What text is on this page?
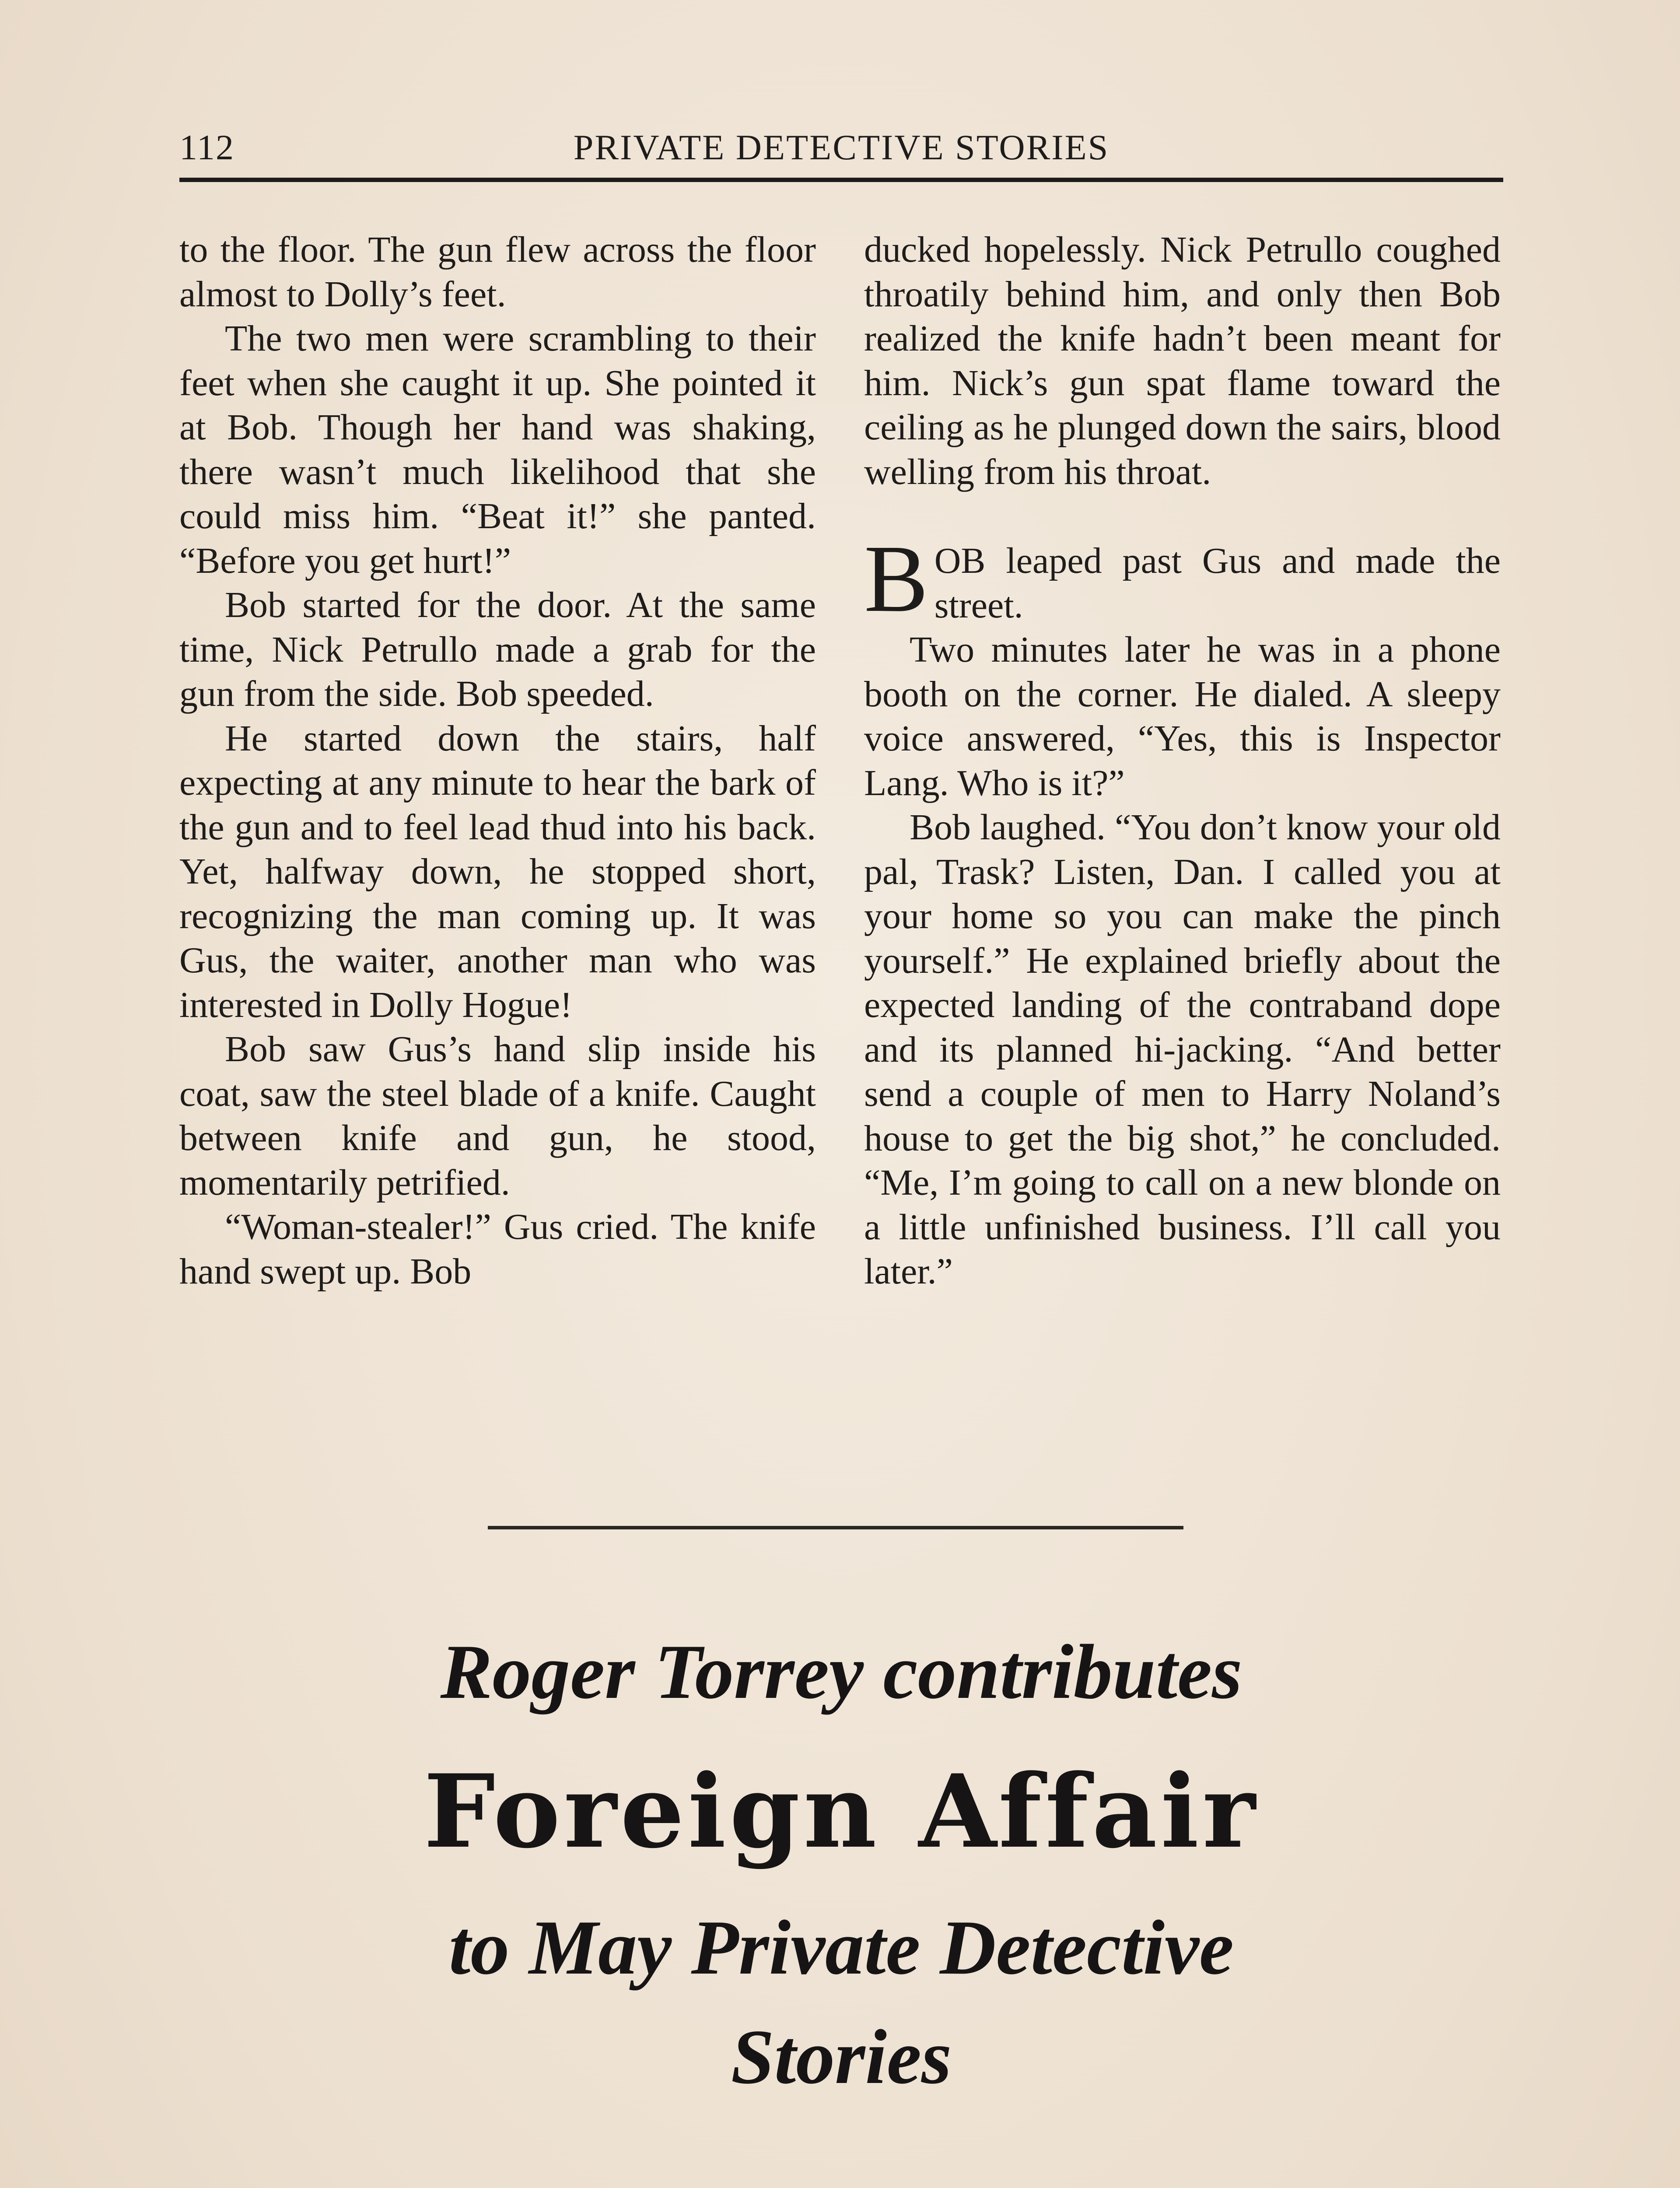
112	PRIVATE DETECTIVE STORIES

to the floor. The gun flew across the floor almost to Dolly’s feet.

The two men were scrambling to their feet when she caught it up. She pointed it at Bob. Though her hand was shaking, there wasn’t much likelihood that she could miss him. “Beat it!” she panted. “Before you get hurt!”

Bob started for the door. At the same time, Nick Petrullo made a grab for the gun from the side. Bob speeded.

He started down the stairs, half expecting at any minute to hear the bark of the gun and to feel lead thud into his back. Yet, halfway down, he stopped short, recognizing the man coming up. It was Gus, the waiter, another man who was interested in Dolly Hogue!

Bob saw Gus’s hand slip inside his coat, saw the steel blade of a knife. Caught between knife and gun, he stood, momentarily petrified.

“Woman-stealer!” Gus cried. The knife hand swept up. Bob

ducked hopelessly. Nick Petrullo coughed throatily behind him, and only then Bob realized the knife hadn’t been meant for him. Nick’s gun spat flame toward the ceiling as he plunged down the sairs, blood welling from his throat.

BOB leaped past Gus and made the street.

Two minutes later he was in a phone booth on the corner. He dialed. A sleepy voice answered, “Yes, this is Inspector Lang. Who is it?”

Bob laughed. “You don’t know your old pal, Trask? Listen, Dan. I called you at your home so you can make the pinch yourself.” He explained briefly about the expected landing of the contraband dope and its planned hi-jacking. “And better send a couple of men to Harry Noland’s house to get the big shot,” he concluded. “Me, I’m going to call on a new blonde on a little unfinished business. I’ll call you later.”

Roger Torrey contributes
Foreign Affair
to May Private Detective
Stories
